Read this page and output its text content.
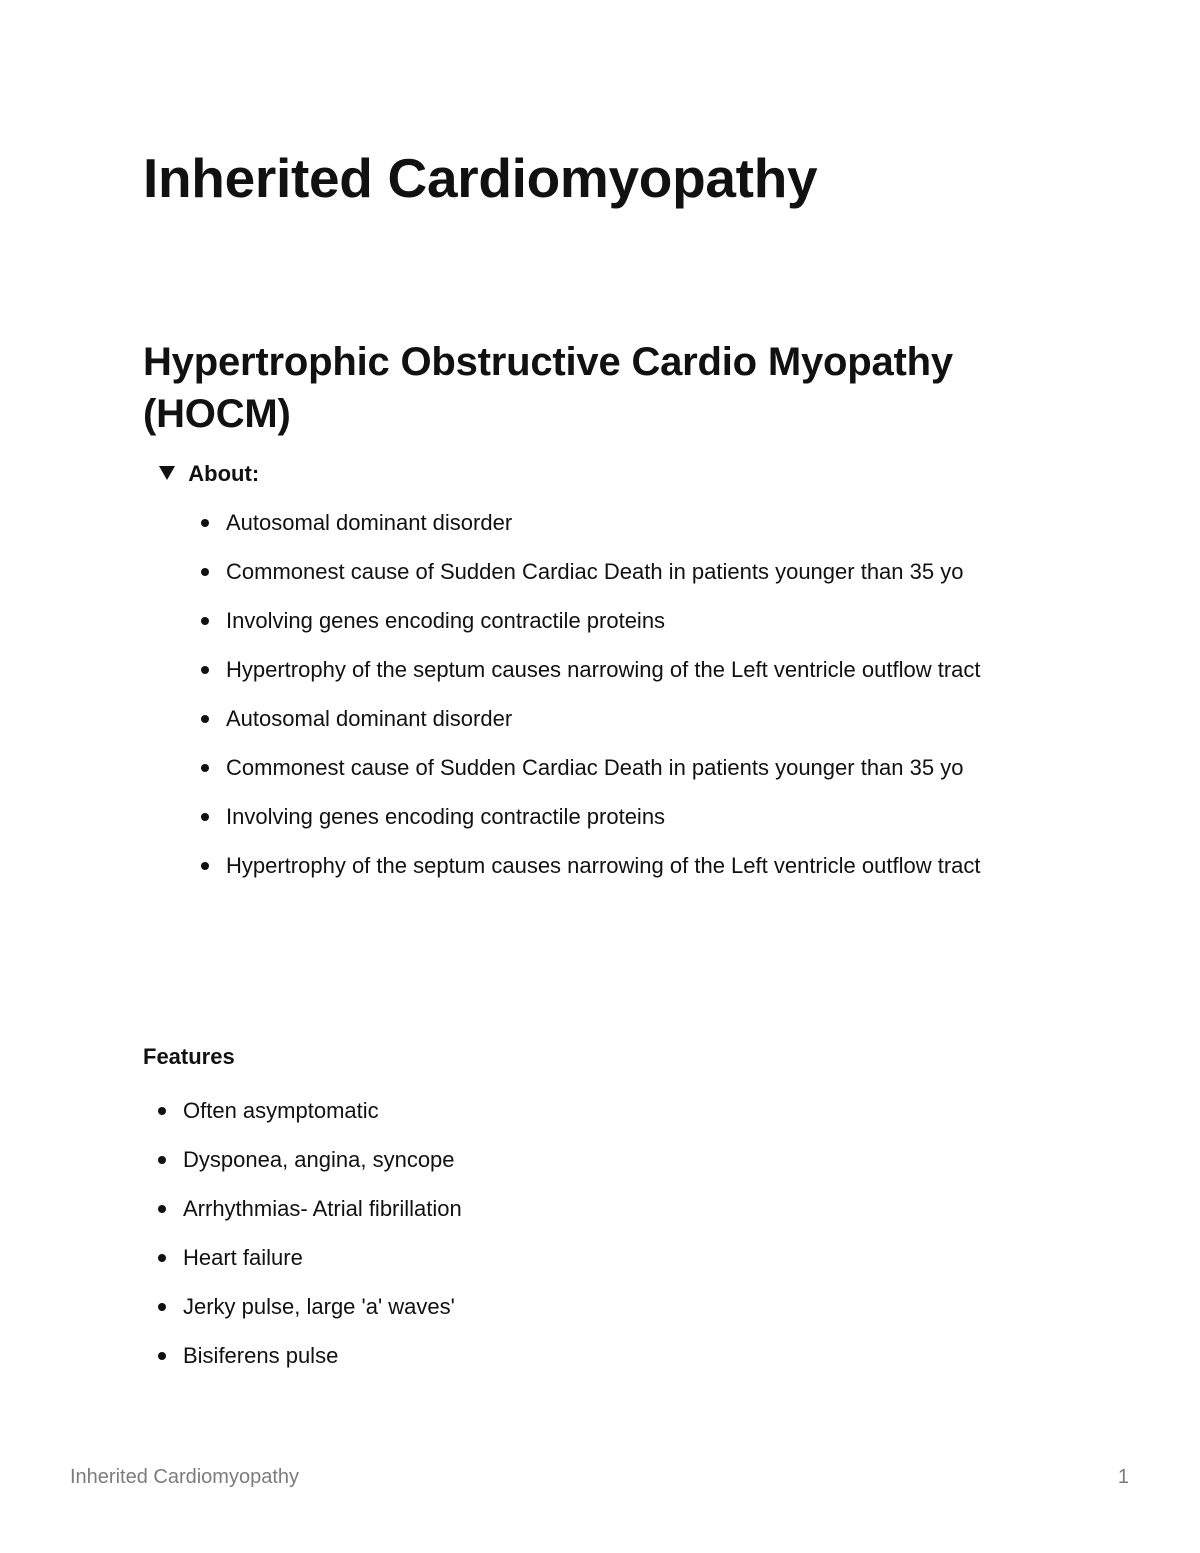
Inherited Cardiomyopathy
Hypertrophic Obstructive Cardio Myopathy (HOCM)
About:
Autosomal dominant disorder
Commonest cause of Sudden Cardiac Death in patients younger than 35 yo
Involving genes encoding contractile proteins
Hypertrophy of the septum causes narrowing of the Left ventricle outflow tract
Autosomal dominant disorder
Commonest cause of Sudden Cardiac Death in patients younger than 35 yo
Involving genes encoding contractile proteins
Hypertrophy of the septum causes narrowing of the Left ventricle outflow tract
Features
Often asymptomatic
Dysponea, angina, syncope
Arrhythmias- Atrial fibrillation
Heart failure
Jerky pulse, large 'a' waves'
Bisiferens pulse
Inherited Cardiomyopathy	1
